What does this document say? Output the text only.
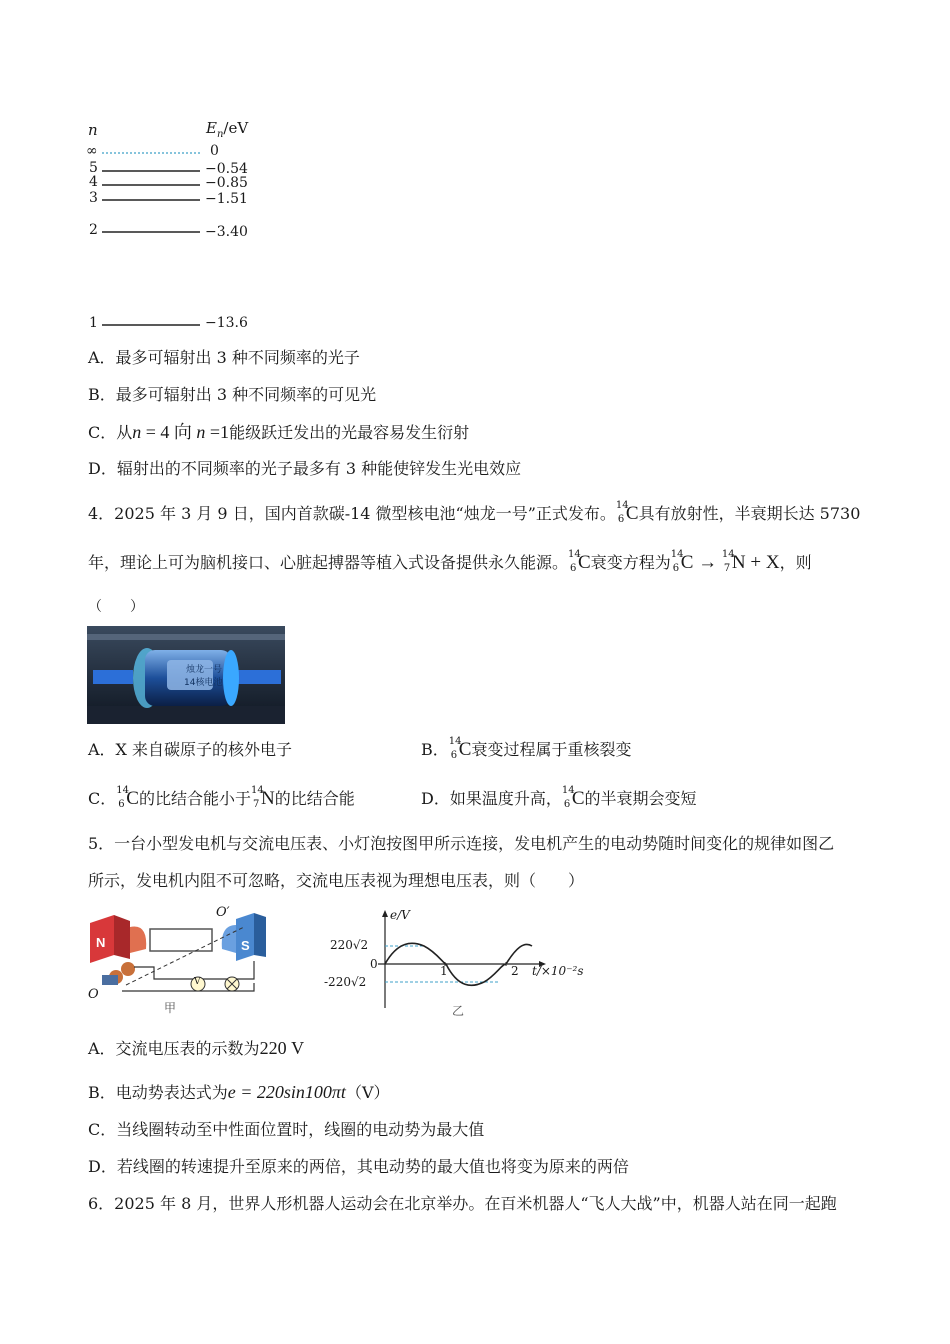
n	$E_n/eV$
∞	0
5	−0.54
4	−0.85
3	−1.51
2	−3.40
1	−13.6
A．最多可辐射出 3 种不同频率的光子
B．最多可辐射出 3 种不同频率的可见光
C．从n = 4 向 n =1能级跃迁发出的光最容易发生衍射
D．辐射出的不同频率的光子最多有 3 种能使锌发生光电效应
4．2025 年 3 月 9 日，国内首款碳-14 微型核电池“烛龙一号”正式发布。 14
6 C具有放射性，半衰期长达 5730
年，理论上可为脑机接口、心脏起搏器等植入式设备提供永久能源。 14
6 C衰变方程为 14
6 C → 14
7 N + X，则
（　　）
烛龙一号
14核电池
A．X 来自碳原子的核外电子	B． 14
6 C衰变过程属于重核裂变
C． 14
6 C的比结合能小于 14
7 N的比结合能	D．如果温度升高， 14
6 C的半衰期会变短
5．一台小型发电机与交流电压表、小灯泡按图甲所示连接，发电机产生的电动势随时间变化的规律如图乙
所示，发电机内阻不可忽略，交流电压表视为理想电压表，则（　　）
N	S
O′
O
V
甲
e/V
220√2
0
-220√2
1	2 t/×10⁻²s
乙
A．交流电压表的示数为220 V
B．电动势表达式为e = 220sin100πt（V）
C．当线圈转动至中性面位置时，线圈的电动势为最大值
D．若线圈的转速提升至原来的两倍，其电动势的最大值也将变为原来的两倍
6．2025 年 8 月，世界人形机器人运动会在北京举办。在百米机器人“飞人大战”中，机器人站在同一起跑
